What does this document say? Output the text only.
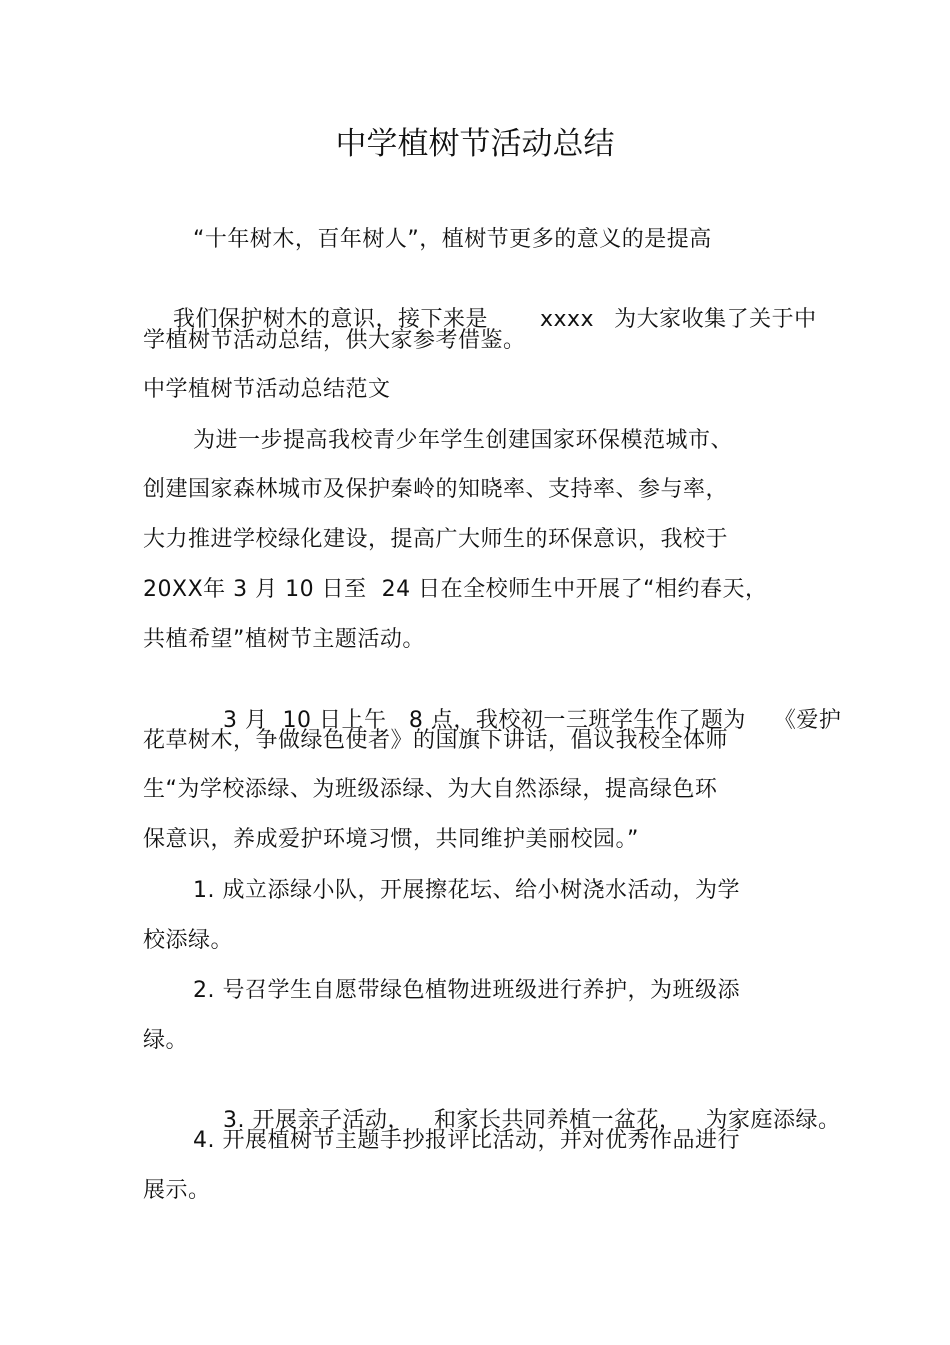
中学植树节活动总结
“十年树木，百年树人”，植树节更多的意义的是提高

我们保护树木的意识，接下来是 xxxx 为大家收集了关于中

学植树节活动总结，供大家参考借鉴。
中学植树节活动总结范文
为进一步提高我校青少年学生创建国家环保模范城市、
创建国家森林城市及保护秦岭的知晓率、支持率、参与率，
大力推进学校绿化建设，提高广大师生的环保意识，我校于
20XX年 3 月 10 日至  24 日在全校师生中开展了“相约春天，
共植希望”植树节主题活动。

3 月  10 日上午   8 点，我校初一三班学生作了题为 《爱护

花草树木，争做绿色使者》的国旗下讲话，倡议我校全体师
生“为学校添绿、为班级添绿、为大自然添绿，提高绿色环
保意识，养成爱护环境习惯，共同维护美丽校园。”
1. 成立添绿小队，开展擦花坛、给小树浇水活动，为学
校添绿。
2. 号召学生自愿带绿色植物进班级进行养护，为班级添
绿。

3. 开展亲子活动， 和家长共同养植一盆花， 为家庭添绿。

4. 开展植树节主题手抄报评比活动，并对优秀作品进行
展示。
